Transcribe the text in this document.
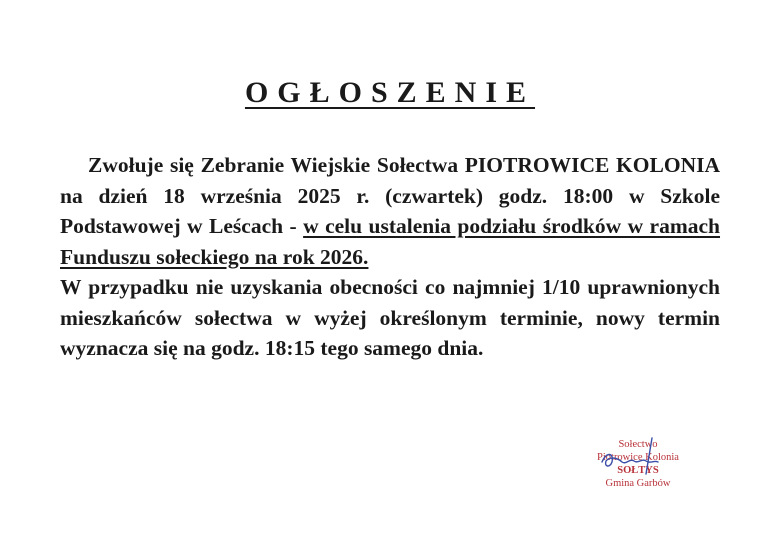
OGŁOSZENIE

Zwołuje się Zebranie Wiejskie Sołectwa PIOTROWICE KOLONIA na dzień 18 września 2025 r. (czwartek) godz. 18:00 w Szkole Podstawowej w Leścach - w celu ustalenia podziału środków w ramach Funduszu sołeckiego na rok 2026.

W przypadku nie uzyskania obecności co najmniej 1/10 uprawnionych mieszkańców sołectwa w wyżej określonym terminie, nowy termin wyznacza się na godz. 18:15 tego samego dnia.

Sołectwo
Piotrowice Kolonia
SOŁTYS
Gmina Garbów
